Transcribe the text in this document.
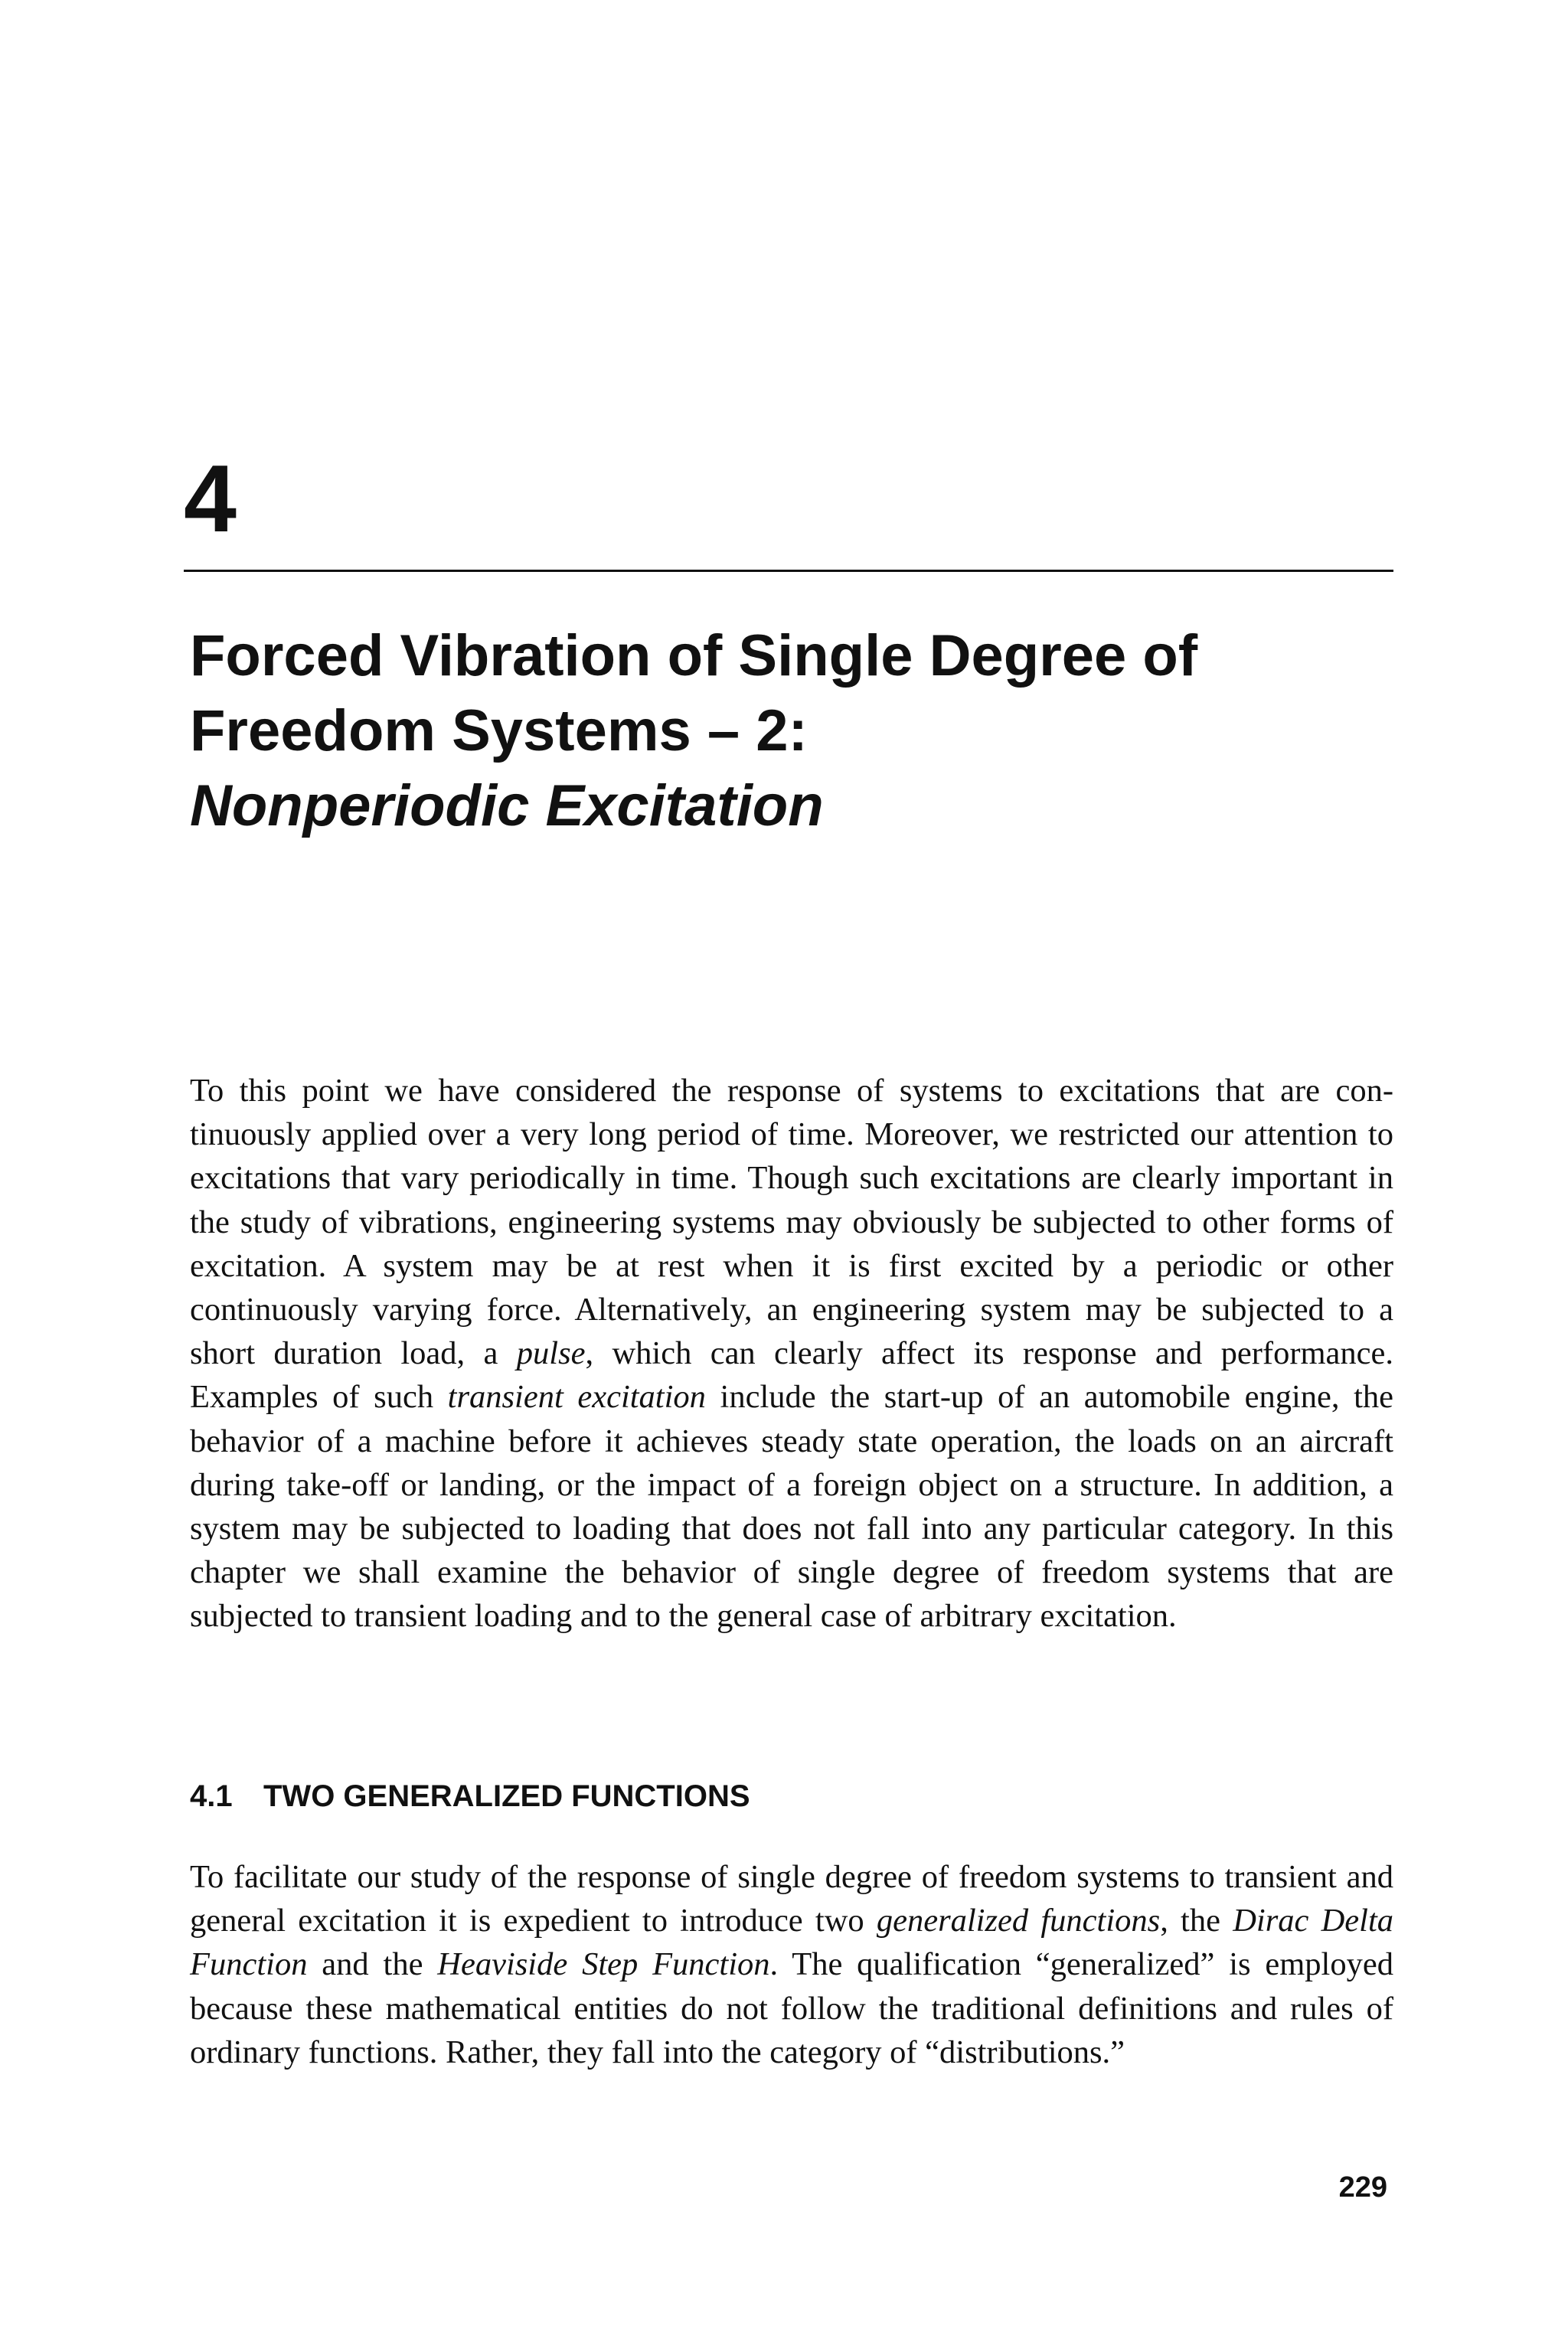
4
Forced Vibration of Single Degree of
Freedom Systems – 2:
Nonperiodic Excitation

To this point we have considered the response of systems to excitations that are continuously applied over a very long period of time. Moreover, we restricted our attention to excitations that vary periodically in time. Though such excitations are clearly important in the study of vibrations, engineering systems may obviously be subjected to other forms of excitation. A system may be at rest when it is first excited by a periodic or other continuously varying force. Alternatively, an engineering system may be subjected to a short duration load, a pulse, which can clearly affect its response and performance. Examples of such transient excitation include the start-up of an automobile engine, the behavior of a machine before it achieves steady state operation, the loads on an aircraft during take-off or landing, or the impact of a foreign object on a structure. In addition, a system may be subjected to loading that does not fall into any particular category. In this chapter we shall examine the behavior of single degree of freedom systems that are subjected to transient loading and to the general case of arbitrary excitation.

4.1 TWO GENERALIZED FUNCTIONS

To facilitate our study of the response of single degree of freedom systems to transient and general excitation it is expedient to introduce two generalized functions, the Dirac Delta Function and the Heaviside Step Function. The qualification “generalized” is employed because these mathematical entities do not follow the traditional definitions and rules of ordinary functions. Rather, they fall into the category of “distributions.”

229
